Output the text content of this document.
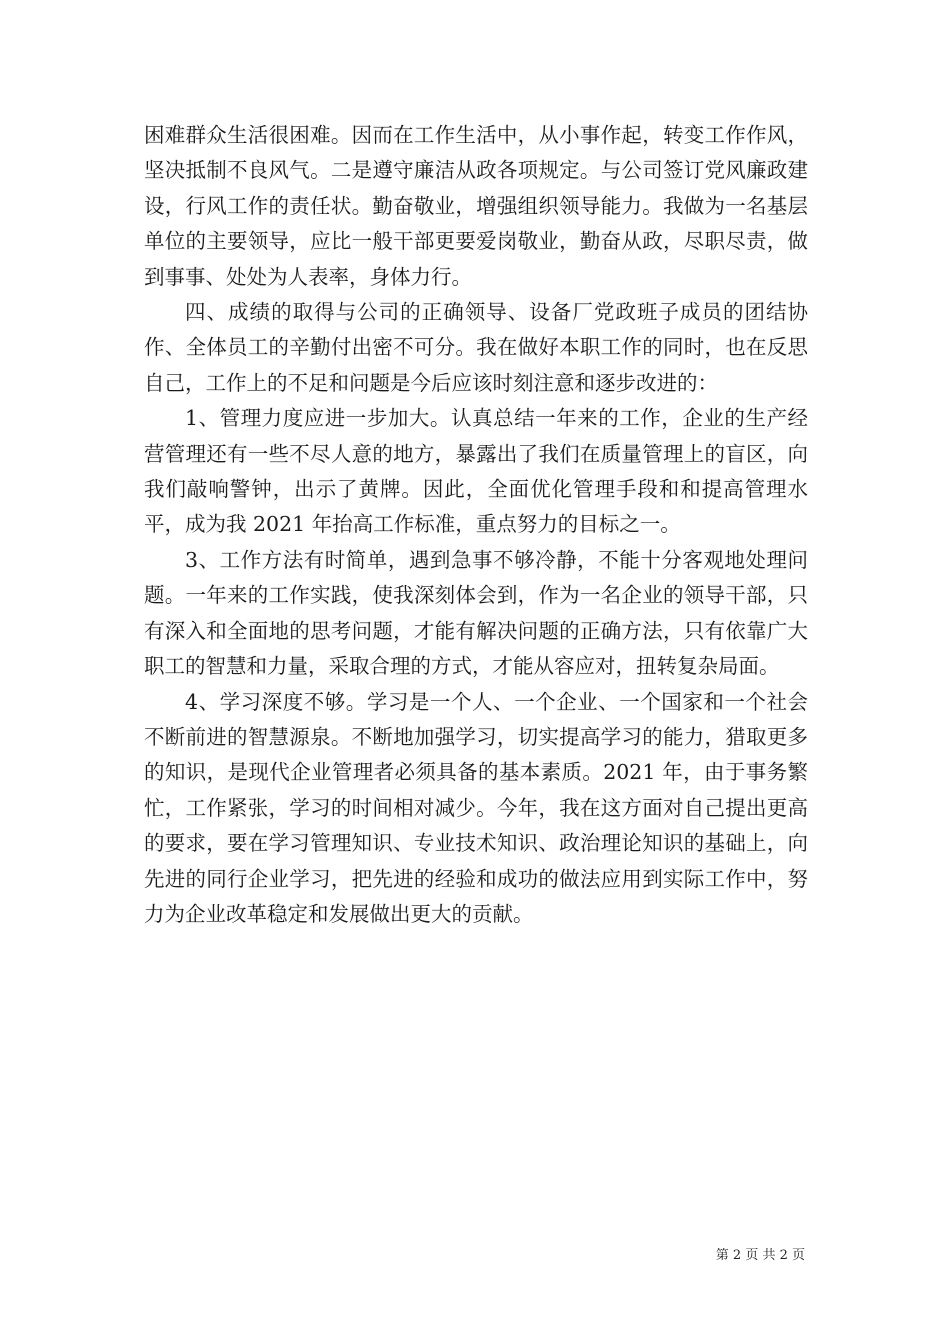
困难群众生活很困难。因而在工作生活中，从小事作起，转变工作作风，坚决抵制不良风气。二是遵守廉洁从政各项规定。与公司签订党风廉政建设，行风工作的责任状。勤奋敬业，增强组织领导能力。我做为一名基层单位的主要领导，应比一般干部更要爱岗敬业，勤奋从政，尽职尽责，做到事事、处处为人表率，身体力行。

四、成绩的取得与公司的正确领导、设备厂党政班子成员的团结协作、全体员工的辛勤付出密不可分。我在做好本职工作的同时，也在反思自己，工作上的不足和问题是今后应该时刻注意和逐步改进的：

1、管理力度应进一步加大。认真总结一年来的工作，企业的生产经营管理还有一些不尽人意的地方，暴露出了我们在质量管理上的盲区，向我们敲响警钟，出示了黄牌。因此，全面优化管理手段和和提高管理水平，成为我 2021 年抬高工作标准，重点努力的目标之一。

3、工作方法有时简单，遇到急事不够冷静，不能十分客观地处理问题。一年来的工作实践，使我深刻体会到，作为一名企业的领导干部，只有深入和全面地的思考问题，才能有解决问题的正确方法，只有依靠广大职工的智慧和力量，采取合理的方式，才能从容应对，扭转复杂局面。

4、学习深度不够。学习是一个人、一个企业、一个国家和一个社会不断前进的智慧源泉。不断地加强学习，切实提高学习的能力，猎取更多的知识，是现代企业管理者必须具备的基本素质。2021 年，由于事务繁忙，工作紧张，学习的时间相对减少。今年，我在这方面对自己提出更高的要求，要在学习管理知识、专业技术知识、政治理论知识的基础上，向先进的同行企业学习，把先进的经验和成功的做法应用到实际工作中，努力为企业改革稳定和发展做出更大的贡献。

第 2 页 共 2 页
